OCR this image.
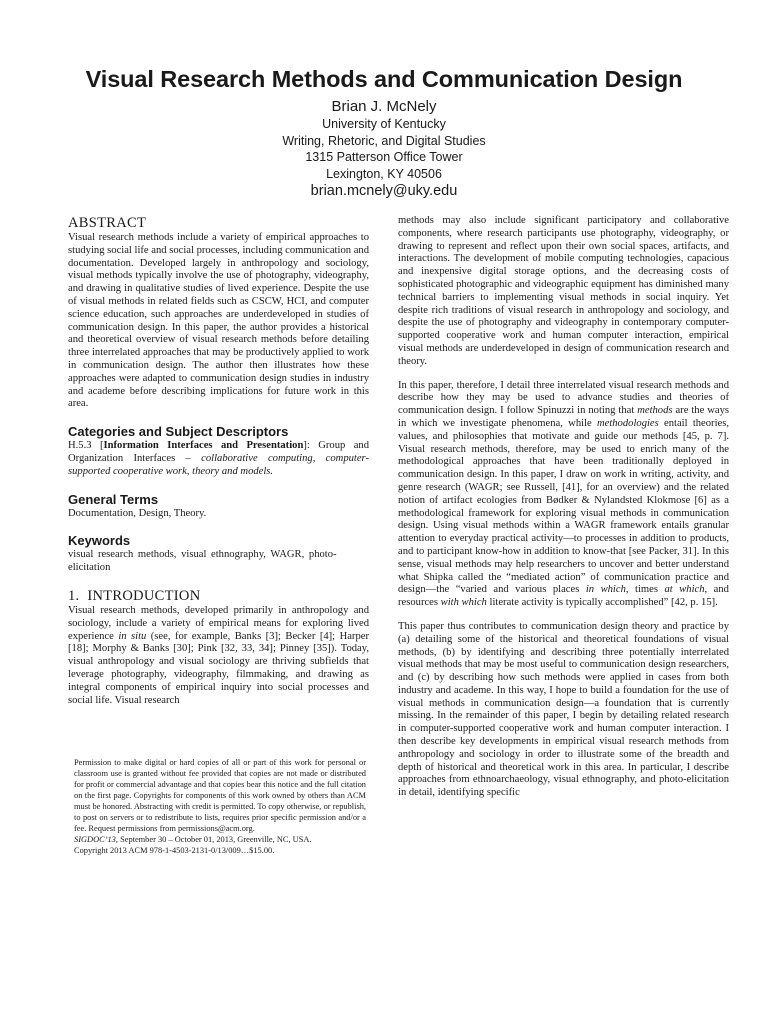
Visual Research Methods and Communication Design
Brian J. McNely
University of Kentucky
Writing, Rhetoric, and Digital Studies
1315 Patterson Office Tower
Lexington, KY 40506
brian.mcnely@uky.edu
ABSTRACT

Visual research methods include a variety of empirical approaches to studying social life and social processes, including communication and documentation. Developed largely in anthropology and sociology, visual methods typically involve the use of photography, videography, and drawing in qualitative studies of lived experience. Despite the use of visual methods in related fields such as CSCW, HCI, and computer science education, such approaches are underdeveloped in studies of communication design. In this paper, the author provides a historical and theoretical overview of visual research methods before detailing three interrelated approaches that may be productively applied to work in communication design. The author then illustrates how these approaches were adapted to communication design studies in industry and academe before describing implications for future work in this area.

Categories and Subject Descriptors

H.5.3 [Information Interfaces and Presentation]: Group and Organization Interfaces – collaborative computing, computer-supported cooperative work, theory and models.

General Terms

Documentation, Design, Theory.

Keywords

visual research methods, visual ethnography, WAGR, photo-elicitation

1.  INTRODUCTION

Visual research methods, developed primarily in anthropology and sociology, include a variety of empirical means for exploring lived experience in situ (see, for example, Banks [3]; Becker [4]; Harper [18]; Morphy & Banks [30]; Pink [32, 33, 34]; Pinney [35]). Today, visual anthropology and visual sociology are thriving subfields that leverage photography, videography, filmmaking, and drawing as integral components of empirical inquiry into social processes and social life. Visual research

Permission to make digital or hard copies of all or part of this work for personal or classroom use is granted without fee provided that copies are not made or distributed for profit or commercial advantage and that copies bear this notice and the full citation on the first page. Copyrights for components of this work owned by others than ACM must be honored. Abstracting with credit is permitted. To copy otherwise, or republish, to post on servers or to redistribute to lists, requires prior specific permission and/or a fee. Request permissions from permissions@acm.org.

SIGDOC’13, September 30 – October 01, 2013, Greenville, NC, USA.
Copyright 2013 ACM 978-1-4503-2131-0/13/009…$15.00.

methods may also include significant participatory and collaborative components, where research participants use photography, videography, or drawing to represent and reflect upon their own social spaces, artifacts, and interactions. The development of mobile computing technologies, capacious and inexpensive digital storage options, and the decreasing costs of sophisticated photographic and videographic equipment has diminished many technical barriers to implementing visual methods in social inquiry. Yet despite rich traditions of visual research in anthropology and sociology, and despite the use of photography and videography in contemporary computer-supported cooperative work and human computer interaction, empirical visual methods are underdeveloped in design of communication research and theory.

In this paper, therefore, I detail three interrelated visual research methods and describe how they may be used to advance studies and theories of communication design. I follow Spinuzzi in noting that methods are the ways in which we investigate phenomena, while methodologies entail theories, values, and philosophies that motivate and guide our methods [45, p. 7]. Visual research methods, therefore, may be used to enrich many of the methodological approaches that have been traditionally deployed in communication design. In this paper, I draw on work in writing, activity, and genre research (WAGR; see Russell, [41], for an overview) and the related notion of artifact ecologies from Bødker & Nylandsted Klokmose [6] as a methodological framework for exploring visual methods in communication design. Using visual methods within a WAGR framework entails granular attention to everyday practical activity—to processes in addition to products, and to participant know-how in addition to know-that [see Packer, 31]. In this sense, visual methods may help researchers to uncover and better understand what Shipka called the “mediated action” of communication practice and design—the “varied and various places in which, times at which, and resources with which literate activity is typically accomplished” [42, p. 15].

This paper thus contributes to communication design theory and practice by (a) detailing some of the historical and theoretical foundations of visual methods, (b) by identifying and describing three potentially interrelated visual methods that may be most useful to communication design researchers, and (c) by describing how such methods were applied in cases from both industry and academe. In this way, I hope to build a foundation for the use of visual methods in communication design—a foundation that is currently missing. In the remainder of this paper, I begin by detailing related research in computer-supported cooperative work and human computer interaction. I then describe key developments in empirical visual research methods from anthropology and sociology in order to illustrate some of the breadth and depth of historical and theoretical work in this area. In particular, I describe approaches from ethnoarchaeology, visual ethnography, and photo-elicitation in detail, identifying specific
